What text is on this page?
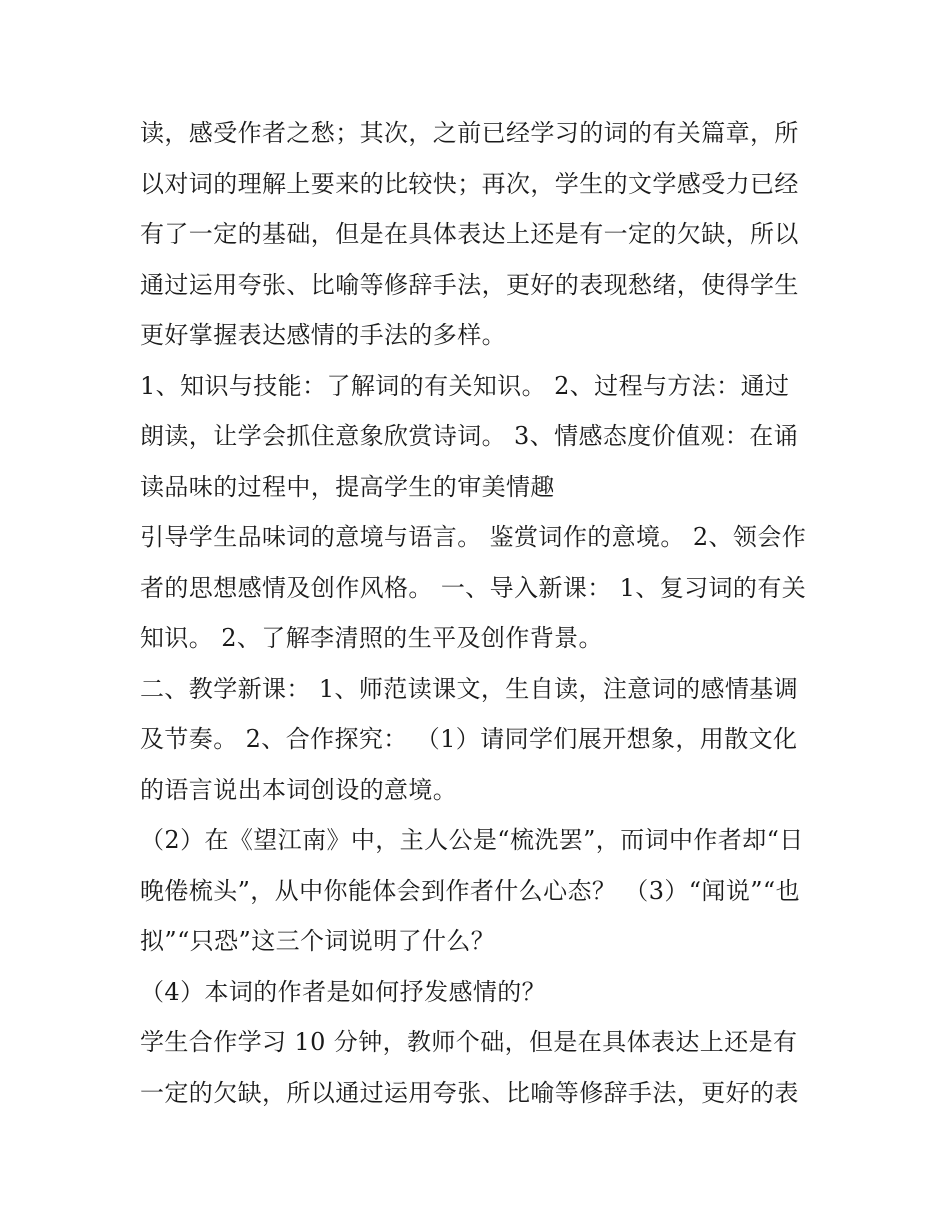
读，感受作者之愁；其次，之前已经学习的词的有关篇章，所
以对词的理解上要来的比较快；再次，学生的文学感受力已经
有了一定的基础，但是在具体表达上还是有一定的欠缺，所以
通过运用夸张、比喻等修辞手法，更好的表现愁绪，使得学生
更好掌握表达感情的手法的多样。
1、知识与技能：了解词的有关知识。 2、过程与方法：通过
朗读，让学会抓住意象欣赏诗词。 3、情感态度价值观：在诵
读品味的过程中，提高学生的审美情趣
引导学生品味词的意境与语言。 鉴赏词作的意境。 2、领会作
者的思想感情及创作风格。 一、导入新课： 1、复习词的有关
知识。 2、了解李清照的生平及创作背景。
二、教学新课： 1、师范读课文，生自读，注意词的感情基调
及节奏。 2、合作探究： （1）请同学们展开想象，用散文化
的语言说出本词创设的意境。
（2）在《望江南》中，主人公是“梳洗罢”，而词中作者却“日
晚倦梳头”，从中你能体会到作者什么心态？ （3）“闻说”“也
拟”“只恐”这三个词说明了什么？
（4）本词的作者是如何抒发感情的？
学生合作学习 10 分钟，教师个础，但是在具体表达上还是有
一定的欠缺，所以通过运用夸张、比喻等修辞手法，更好的表
